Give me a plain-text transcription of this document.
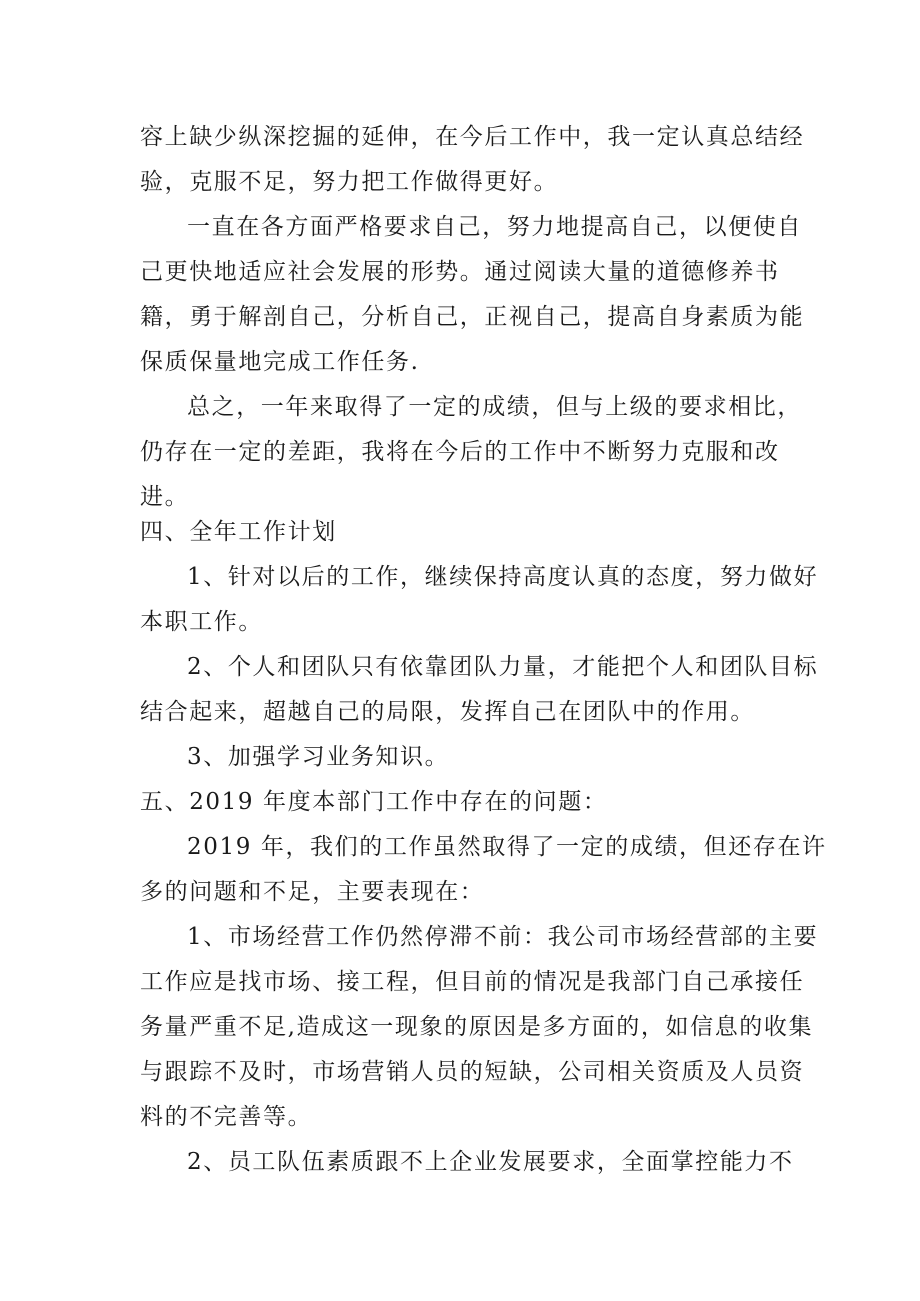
容上缺少纵深挖掘的延伸，在今后工作中，我一定认真总结经
验，克服不足，努力把工作做得更好。
一直在各方面严格要求自己，努力地提高自己，以便使自
己更快地适应社会发展的形势。通过阅读大量的道德修养书
籍，勇于解剖自己，分析自己，正视自己，提高自身素质为能
保质保量地完成工作任务.
总之，一年来取得了一定的成绩，但与上级的要求相比，
仍存在一定的差距，我将在今后的工作中不断努力克服和改
进。
四、全年工作计划
1、针对以后的工作，继续保持高度认真的态度，努力做好
本职工作。
2、个人和团队只有依靠团队力量，才能把个人和团队目标
结合起来，超越自己的局限，发挥自己在团队中的作用。
3、加强学习业务知识。
五、2019 年度本部门工作中存在的问题：
2019 年，我们的工作虽然取得了一定的成绩，但还存在许
多的问题和不足，主要表现在：
1、市场经营工作仍然停滞不前：我公司市场经营部的主要
工作应是找市场、接工程，但目前的情况是我部门自己承接任
务量严重不足,造成这一现象的原因是多方面的，如信息的收集
与跟踪不及时，市场营销人员的短缺，公司相关资质及人员资
料的不完善等。
2、员工队伍素质跟不上企业发展要求，全面掌控能力不
